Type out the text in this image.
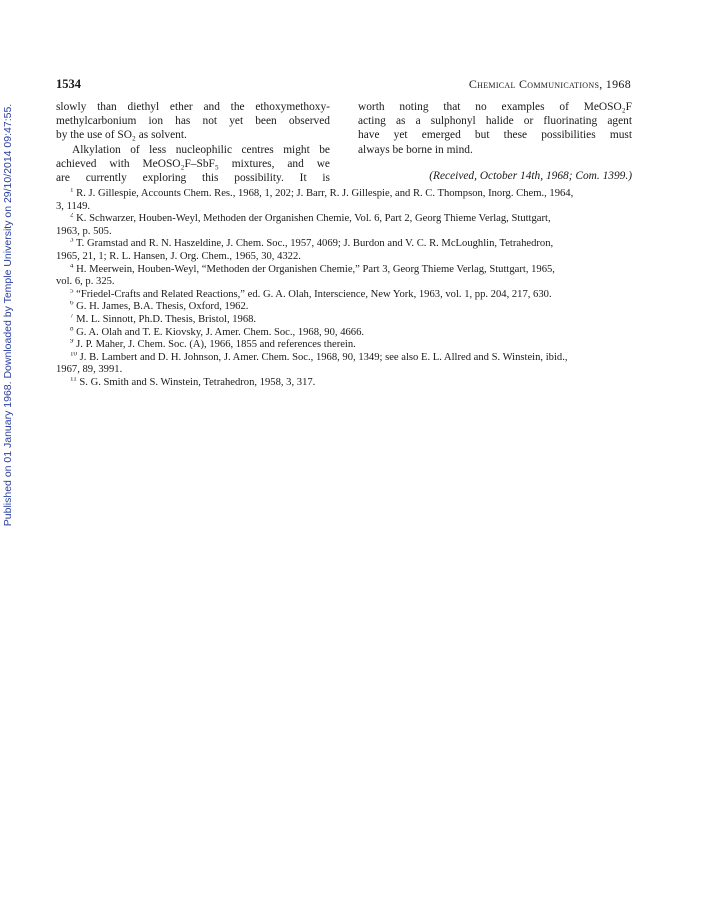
Published on 01 January 1968. Downloaded by Temple University on 29/10/2014 09:47:55.
1534	Chemical Communications, 1968
slowly than diethyl ether and the ethoxymethoxy-
methylcarbonium ion has not yet been observed
by the use of SO₂ as solvent.
Alkylation of less nucleophilic centres might be
achieved with MeOSO₂F–SbF₅ mixtures, and we
are currently exploring this possibility. It is
worth noting that no examples of MeOSO₂F
acting as a sulphonyl halide or fluorinating agent
have yet emerged but these possibilities must
always be borne in mind.
(Received, October 14th, 1968; Com. 1399.)
$^1$ R. J. Gillespie, Accounts Chem. Res., 1968, 1, 202; J. Barr, R. J. Gillespie, and R. C. Thompson, Inorg. Chem., 1964,
3, 1149.
$^2$ K. Schwarzer, Houben-Weyl, Methoden der Organishen Chemie, Vol. 6, Part 2, Georg Thieme Verlag, Stuttgart,
1963, p. 505.
$^3$ T. Gramstad and R. N. Haszeldine, J. Chem. Soc., 1957, 4069; J. Burdon and V. C. R. McLoughlin, Tetrahedron,
1965, 21, 1; R. L. Hansen, J. Org. Chem., 1965, 30, 4322.
$^4$ H. Meerwein, Houben-Weyl, “Methoden der Organishen Chemie,” Part 3, Georg Thieme Verlag, Stuttgart, 1965,
vol. 6, p. 325.
$^5$ “Friedel-Crafts and Related Reactions,” ed. G. A. Olah, Interscience, New York, 1963, vol. 1, pp. 204, 217, 630.
$^6$ G. H. James, B.A. Thesis, Oxford, 1962.
$^7$ M. L. Sinnott, Ph.D. Thesis, Bristol, 1968.
$^8$ G. A. Olah and T. E. Kiovsky, J. Amer. Chem. Soc., 1968, 90, 4666.
$^9$ J. P. Maher, J. Chem. Soc. (A), 1966, 1855 and references therein.
$^{10}$ J. B. Lambert and D. H. Johnson, J. Amer. Chem. Soc., 1968, 90, 1349; see also E. L. Allred and S. Winstein, ibid.,
1967, 89, 3991.
$^{11}$ S. G. Smith and S. Winstein, Tetrahedron, 1958, 3, 317.
